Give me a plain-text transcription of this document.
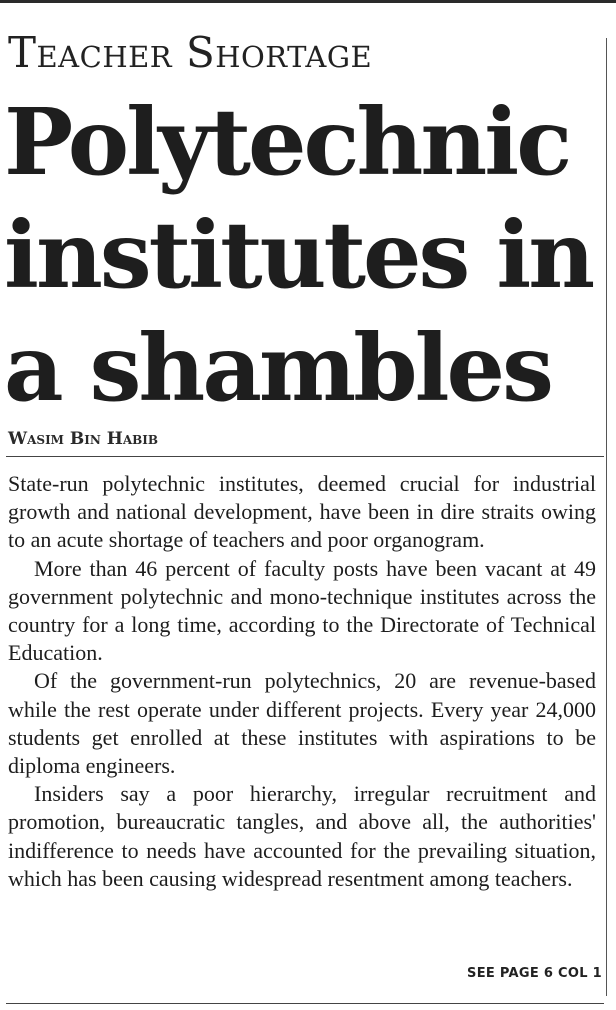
Teacher Shortage
Polytechnic
institutes in
a shambles
Wasim Bin Habib

State-run polytechnic institutes, deemed crucial for industrial growth and national development, have been in dire straits owing to an acute shortage of teachers and poor organogram.

More than 46 percent of faculty posts have been vacant at 49 government polytechnic and mono-technique institutes across the country for a long time, according to the Directorate of Technical Education.

Of the government-run polytechnics, 20 are revenue-based while the rest operate under different projects. Every year 24,000 students get enrolled at these institutes with aspirations to be diploma engineers.

Insiders say a poor hierarchy, irregular recruitment and promotion, bureaucratic tangles, and above all, the authorities' indifference to needs have accounted for the prevailing situation, which has been causing widespread resentment among teachers.

SEE PAGE 6 COL 1
